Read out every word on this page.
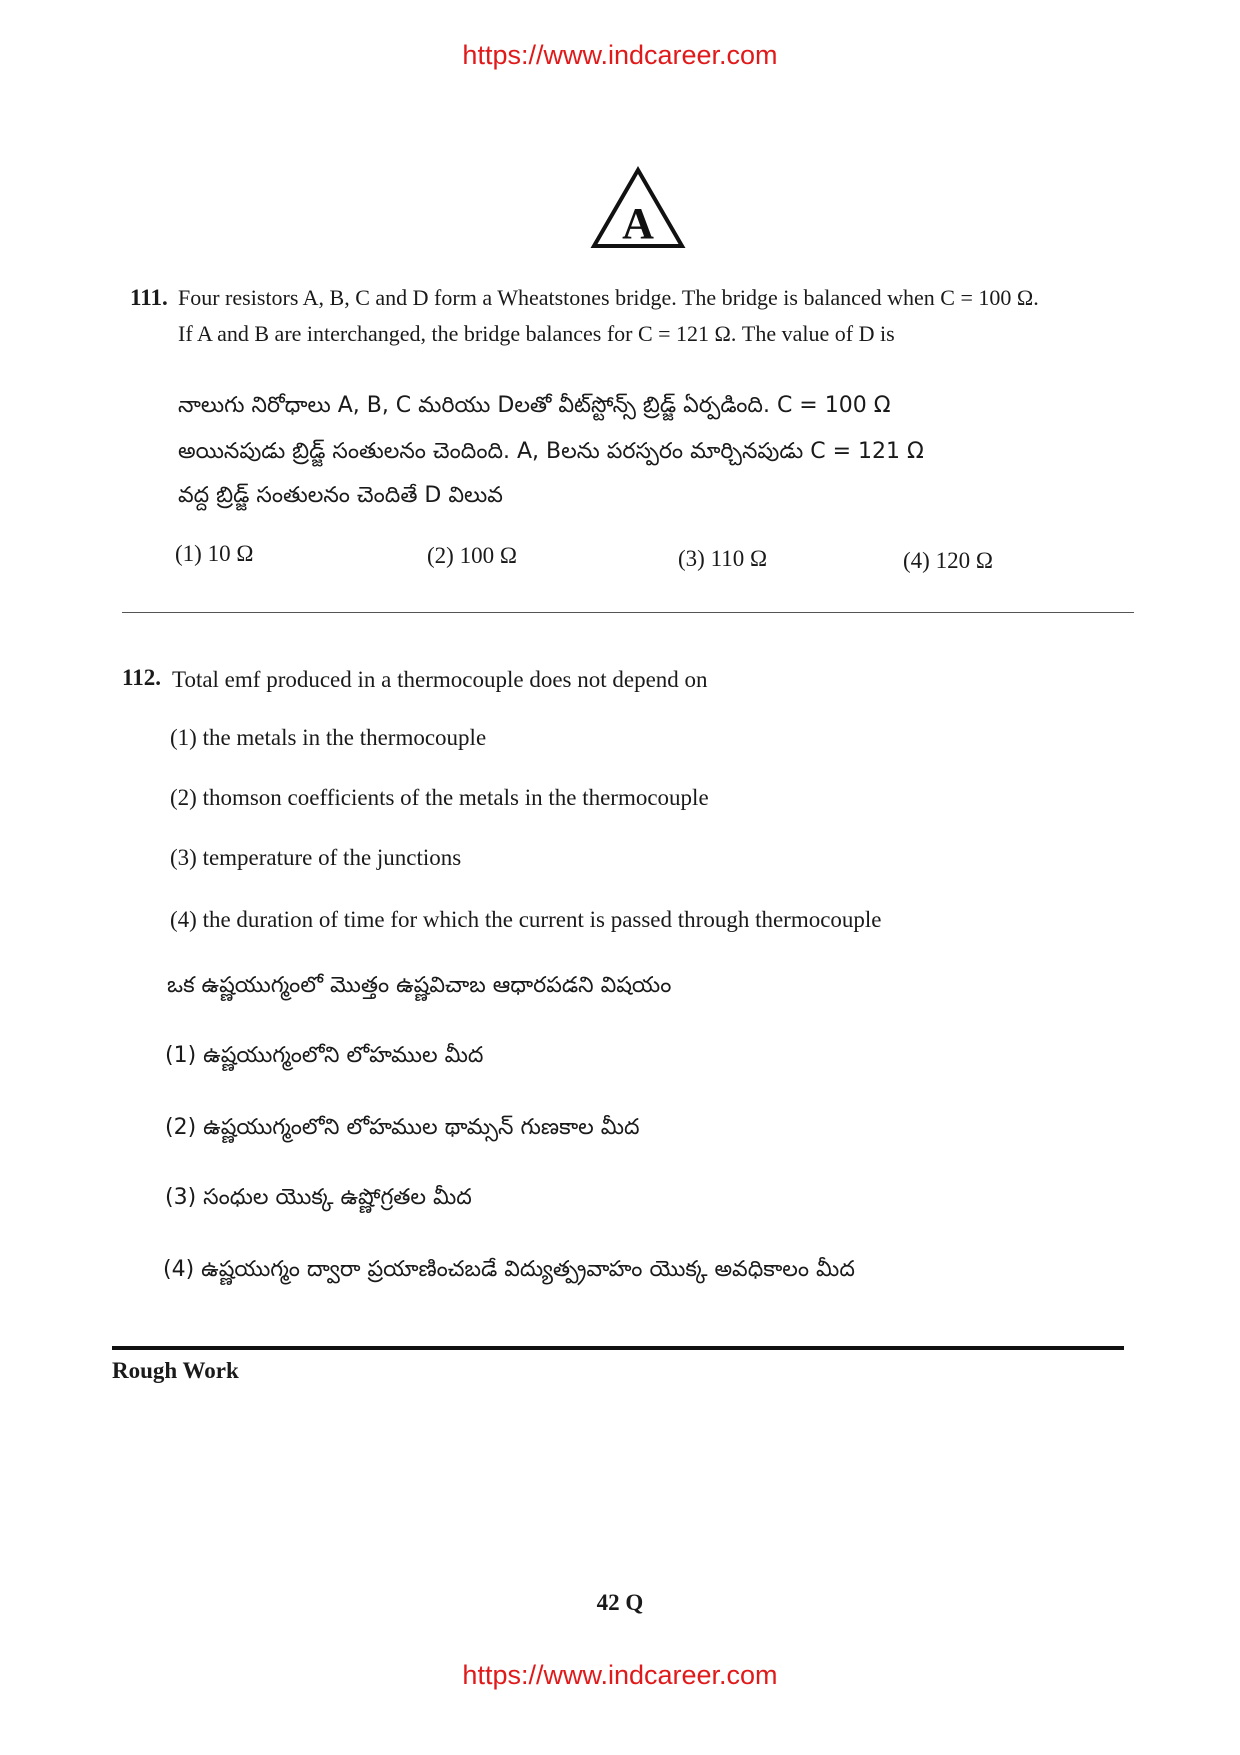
https://www.indcareer.com
A
111. Four resistors A, B, C and D form a Wheatstones bridge. The bridge is balanced when C = 100 Ω.
If A and B are interchanged, the bridge balances for C = 121 Ω. The value of D is
నాలుగు నిరోధాలు A, B, C మరియు Dలతో వీట్‌స్టోన్స్ బ్రిడ్జ్ ఏర్పడింది. C = 100 Ω
అయినపుడు బ్రిడ్జ్ సంతులనం చెందింది. A, Bలను పరస్పరం మార్చినపుడు C = 121 Ω
వద్ద బ్రిడ్జ్ సంతులనం చెందితే D విలువ
(1) 10 Ω	(2) 100 Ω	(3) 110 Ω	(4) 120 Ω
112. Total emf produced in a thermocouple does not depend on
(1) the metals in the thermocouple
(2) thomson coefficients of the metals in the thermocouple
(3) temperature of the junctions
(4) the duration of time for which the current is passed through thermocouple
ఒక ఉష్ణయుగ్మంలో మొత్తం ఉష్ణవిచాబ ఆధారపడని విషయం
(1) ఉష్ణయుగ్మంలోని లోహముల మీద
(2) ఉష్ణయుగ్మంలోని లోహముల థామ్సన్ గుణకాల మీద
(3) సంధుల యొక్క ఉష్ణోగ్రతల మీద
(4) ఉష్ణయుగ్మం ద్వారా ప్రయాణించబడే విద్యుత్ప్రవాహం యొక్క అవధికాలం మీద
Rough Work
42 Q
https://www.indcareer.com
